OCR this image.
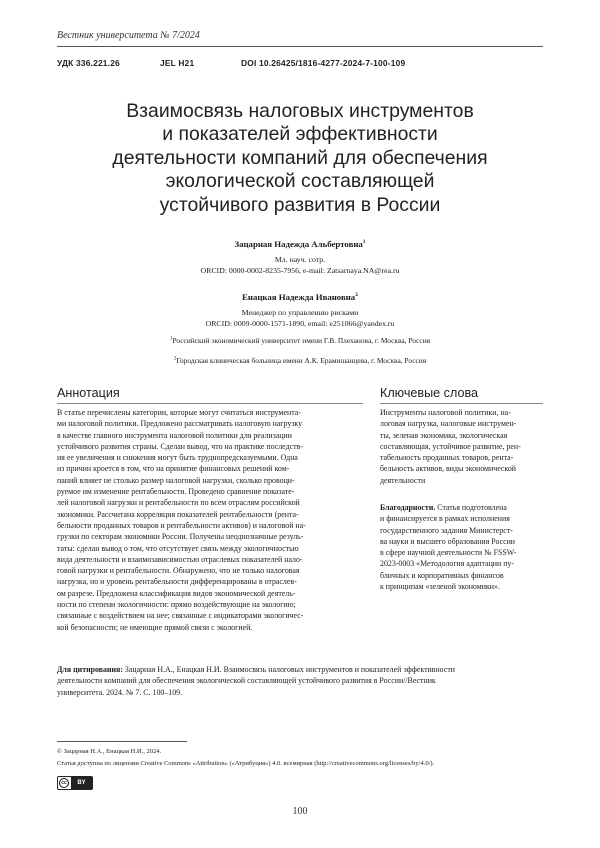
Вестник университета № 7/2024
УДК 336.221.26	JEL H21	DOI 10.26425/1816-4277-2024-7-100-109
Взаимосвязь налоговых инструментов
и показателей эффективности
деятельности компаний для обеспечения
экологической составляющей
устойчивого развития в России
Зацарная Надежда Альбертовна$^1$
Мл. науч. сотр.
ORCID: 0000-0002-8235-7956, e-mail: Zatsarnaya.NA@rea.ru
Енацкая Надежда Ивановна$^2$
Менеджер по управлению рисками
ORCID: 0009-0000-1571-1890, email: e251066@yandex.ru
$^1$Российский экономический университет имени Г.В. Плеханова, г. Москва, Россия
$^2$Городская клиническая больница имени А.К. Ерамишанцева, г. Москва, Россия
Аннотация
В статье перечислены категории, которые могут считаться инструмента-
ми налоговой политики. Предложено рассматривать налоговую нагрузку
в качестве главного инструмента налоговой политики для реализации
устойчивого развития страны. Сделан вывод, что на практике последств-
ия ее увеличения и снижения могут быть труднопредсказуемыми. Одна
из причин кроется в том, что на принятие финансовых решений ком-
паний влияет не столько размер налоговой нагрузки, сколько провоци-
руемое им изменение рентабельности. Проведено сравнение показате-
лей налоговой нагрузки и рентабельности по всем отраслям российской
экономики. Рассчитана корреляция показателей рентабельности (рента-
бельности проданных товаров и рентабельности активов) и налоговой на-
грузки по секторам экономики России. Получены неоднозначные резуль-
таты: сделан вывод о том, что отсутствует связь между экологичностью
вида деятельности и взаимозависимостью отраслевых показателей нало-
говой нагрузки и рентабельности. Обнаружено, что не только налоговая
нагрузка, но и уровень рентабельности дифференцированы в отраслев-
ом разрезе. Предложена классификация видов экономической деятель-
ности по степени экологичности: прямо воздействующие на экологию;
связанные с воздействием на нее; связанные с индикаторами экологичес-
кой безопасности; не имеющие прямой связи с экологией.
Ключевые слова
Инструменты налоговой политики, на-
логовая нагрузка, налоговые инструмен-
ты, зеленая экономика, экологическая
составляющая, устойчивое развитие, рен-
табельность проданных товаров, рента-
бельность активов, виды экономической
деятельности
Благодарности. Статья подготовлена
и финансируется в рамках исполнения
государственного задания Министерст-
ва науки и высшего образования России
в сфере научной деятельности № FSSW-
2023-0003 «Методология адаптации пу-
бличных и корпоративных финансов
к принципам «зеленой экономики».
Для цитирования: Зацарная Н.А., Енацкая Н.И. Взаимосвязь налоговых инструментов и показателей эффективности
деятельности компаний для обеспечения экологической составляющей устойчивого развития в России//Вестник
университета. 2024. № 7. С. 100–109.
© Зацарная Н.А., Енацкая Н.И., 2024.
Статья доступна по лицензии Creative Commons «Attribution» («Атрибуция») 4.0. всемирная (http://creativecommons.org/licenses/by/4.0/).
cc	BY
100
